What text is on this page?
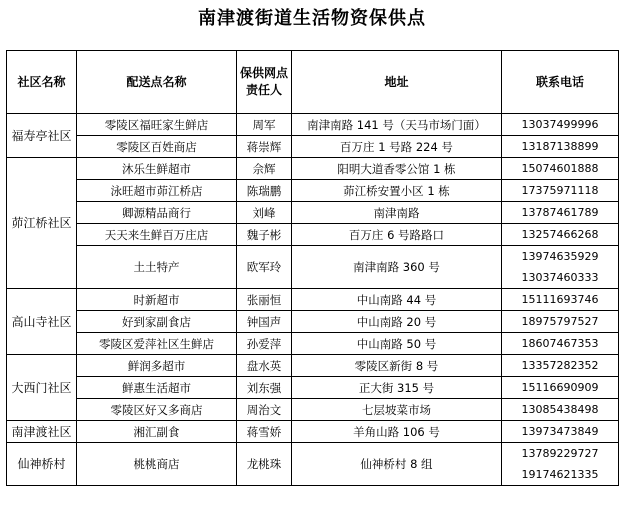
南津渡街道生活物资保供点
社区名称	配送点名称	保供网点责任人	地址	联系电话
福寿亭社区	零陵区福旺家生鲜店	周军	南津南路 141 号（天马市场门面）	13037499996
	零陵区百姓商店	蒋崇辉	百万庄 1 号路 224 号	13187138899
茆江桥社区	沐乐生鲜超市	佘辉	阳明大道香零公馆 1 栋	15074601888
	泳旺超市茆江桥店	陈瑞鹏	茆江桥安置小区 1 栋	17375971118
	卿源精品商行	刘峰	南津南路	13787461789
	天天来生鲜百万庄店	魏子彬	百万庄 6 号路路口	13257466268
	土土特产	欧军玲	南津南路 360 号	13974635929
				13037460333
高山寺社区	时新超市	张丽恒	中山南路 44 号	15111693746
	好到家副食店	钟国声	中山南路 20 号	18975797527
	零陵区爱萍社区生鲜店	孙爱萍	中山南路 50 号	18607467353
大西门社区	鲜润多超市	盘水英	零陵区新街 8 号	13357282352
	鲜惠生活超市	刘东强	正大街 315 号	15116690909
	零陵区好又多商店	周治文	七层坡菜市场	13085438498
南津渡社区	湘汇副食	蒋雪娇	羊角山路 106 号	13973473849
仙神桥村	桃桃商店	龙桃珠	仙神桥村 8 组	13789229727
				19174621335
